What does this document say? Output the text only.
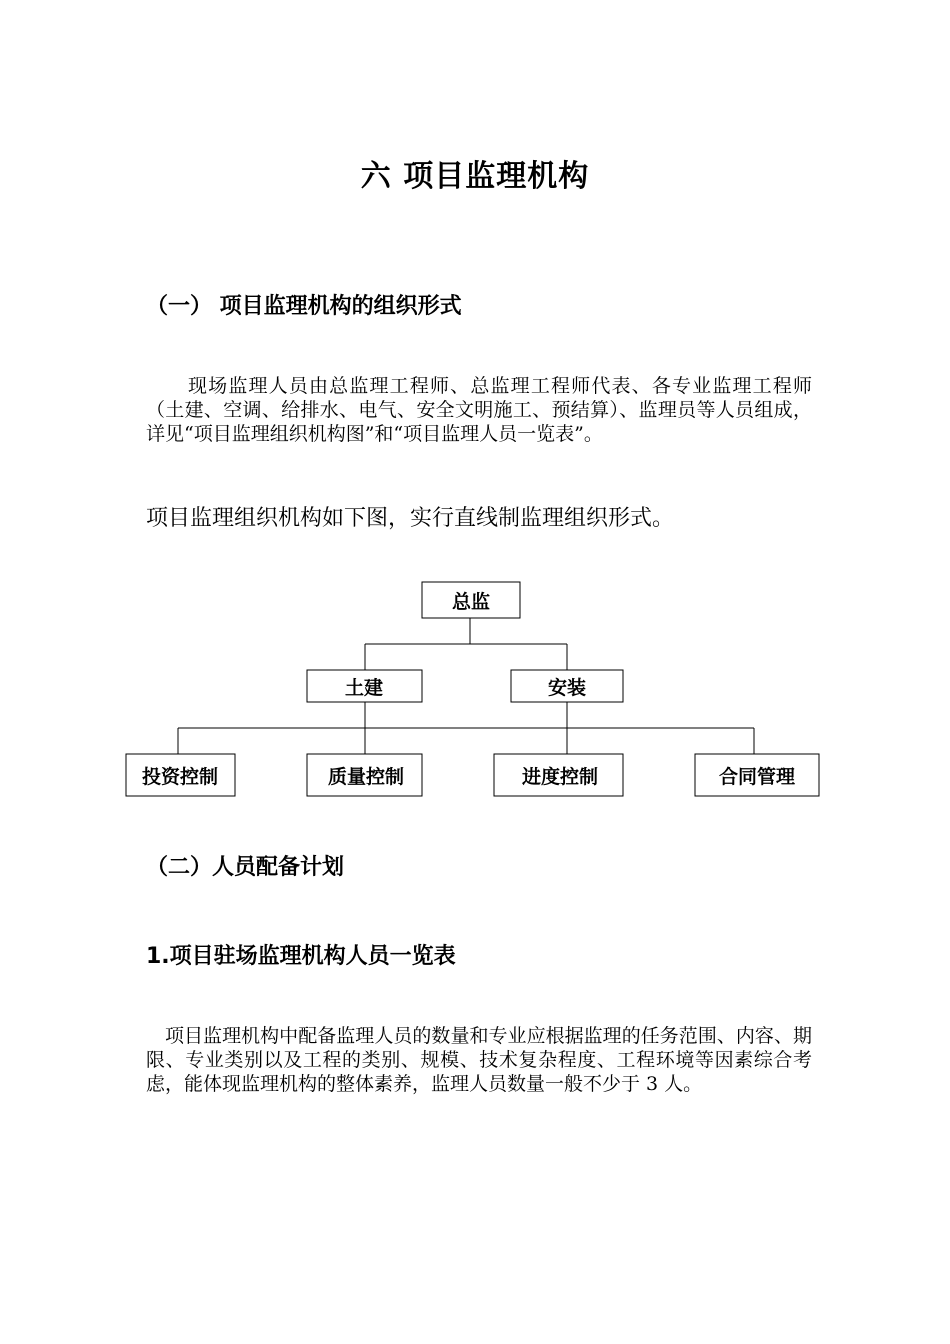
六 项目监理机构
（一） 项目监理机构的组织形式
现场监理人员由总监理工程师、总监理工程师代表、各专业监理工程师（土建、空调、给排水、电气、安全文明施工、预结算）、监理员等人员组成，详见“项目监理组织机构图”和“项目监理人员一览表”。
项目监理组织机构如下图，实行直线制监理组织形式。
总监
土建	安装
投资控制	质量控制	进度控制	合同管理
（二）人员配备计划
1.项目驻场监理机构人员一览表
项目监理机构中配备监理人员的数量和专业应根据监理的任务范围、内容、期限、专业类别以及工程的类别、规模、技术复杂程度、工程环境等因素综合考虑，能体现监理机构的整体素养，监理人员数量一般不少于 3 人。
